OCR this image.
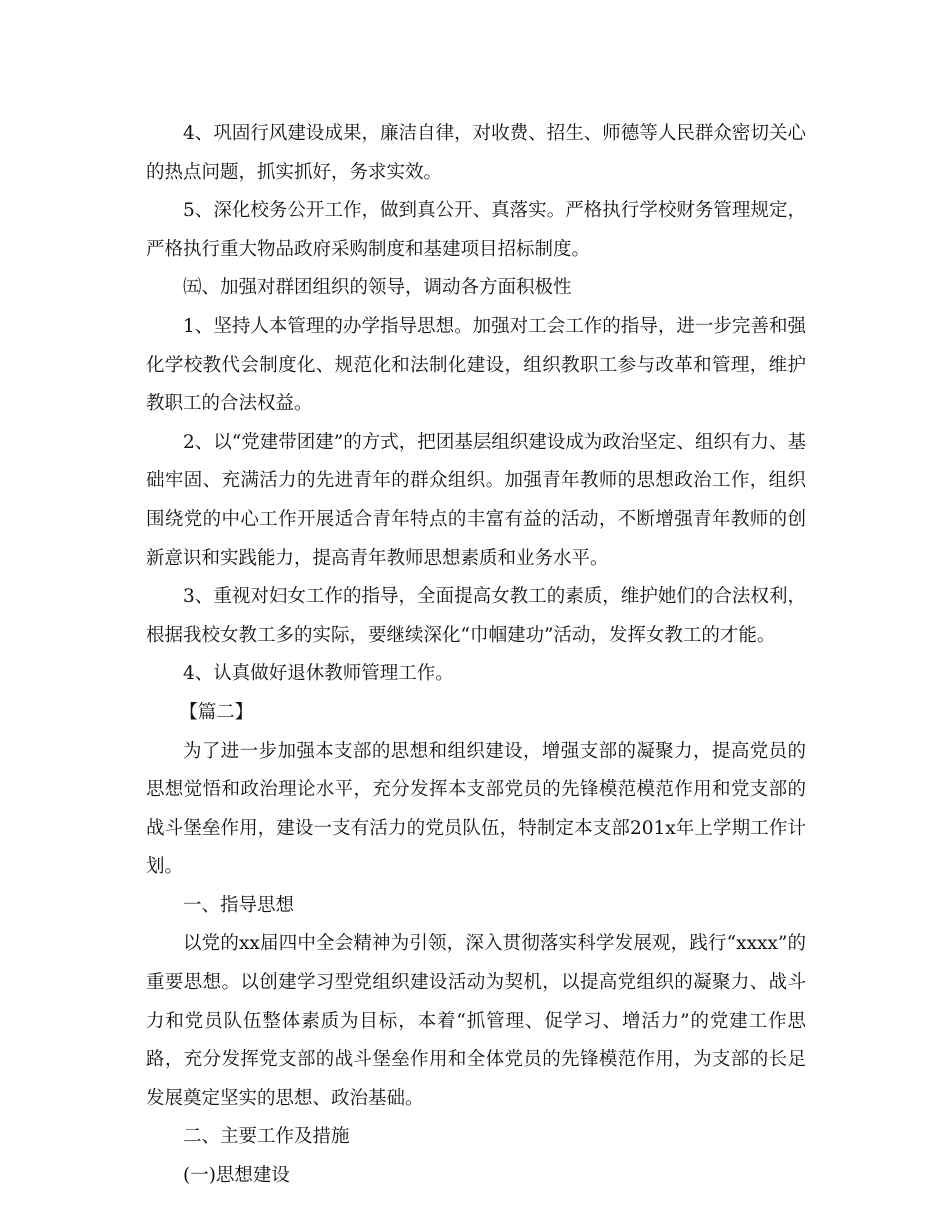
4、巩固行风建设成果，廉洁自律，对收费、招生、师德等人民群众密切关心的热点问题，抓实抓好，务求实效。

5、深化校务公开工作，做到真公开、真落实。严格执行学校财务管理规定，严格执行重大物品政府采购制度和基建项目招标制度。

㈤、加强对群团组织的领导，调动各方面积极性

1、坚持人本管理的办学指导思想。加强对工会工作的指导，进一步完善和强化学校教代会制度化、规范化和法制化建设，组织教职工参与改革和管理，维护教职工的合法权益。

2、以“党建带团建”的方式，把团基层组织建设成为政治坚定、组织有力、基础牢固、充满活力的先进青年的群众组织。加强青年教师的思想政治工作，组织围绕党的中心工作开展适合青年特点的丰富有益的活动，不断增强青年教师的创新意识和实践能力，提高青年教师思想素质和业务水平。

3、重视对妇女工作的指导，全面提高女教工的素质，维护她们的合法权利，根据我校女教工多的实际，要继续深化“巾帼建功”活动，发挥女教工的才能。

4、认真做好退休教师管理工作。

【篇二】

为了进一步加强本支部的思想和组织建设，增强支部的凝聚力，提高党员的思想觉悟和政治理论水平，充分发挥本支部党员的先锋模范模范作用和党支部的战斗堡垒作用，建设一支有活力的党员队伍，特制定本支部201x年上学期工作计划。

一、指导思想

以党的xx届四中全会精神为引领，深入贯彻落实科学发展观，践行“xxxx”的重要思想。以创建学习型党组织建设活动为契机，以提高党组织的凝聚力、战斗力和党员队伍整体素质为目标，本着“抓管理、促学习、增活力”的党建工作思路，充分发挥党支部的战斗堡垒作用和全体党员的先锋模范作用，为支部的长足发展奠定坚实的思想、政治基础。

二、主要工作及措施

(一)思想建设
